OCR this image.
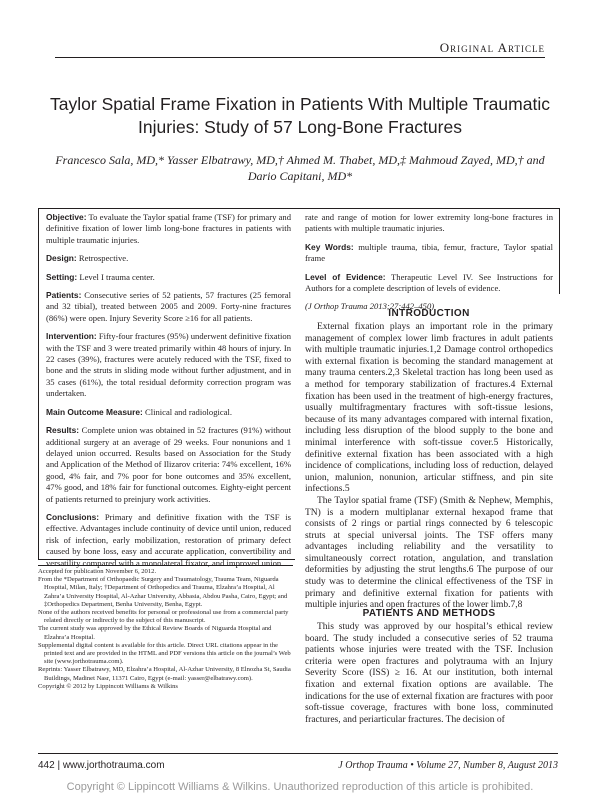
Original Article
Taylor Spatial Frame Fixation in Patients With Multiple Traumatic Injuries: Study of 57 Long-Bone Fractures
Francesco Sala, MD,* Yasser Elbatrawy, MD,† Ahmed M. Thabet, MD,‡ Mahmoud Zayed, MD,† and Dario Capitani, MD*

Objective: To evaluate the Taylor spatial frame (TSF) for primary and definitive fixation of lower limb long-bone fractures in patients with multiple traumatic injuries.

Design: Retrospective.

Setting: Level I trauma center.

Patients: Consecutive series of 52 patients, 57 fractures (25 femoral and 32 tibial), treated between 2005 and 2009. Forty-nine fractures (86%) were open. Injury Severity Score ≥16 for all patients.

Intervention: Fifty-four fractures (95%) underwent definitive fixation with the TSF and 3 were treated primarily within 48 hours of injury. In 22 cases (39%), fractures were acutely reduced with the TSF, fixed to bone and the struts in sliding mode without further adjustment, and in 35 cases (61%), the total residual deformity correction program was undertaken.

Main Outcome Measure: Clinical and radiological.

Results: Complete union was obtained in 52 fractures (91%) without additional surgery at an average of 29 weeks. Four nonunions and 1 delayed union occurred. Results based on Association for the Study and Application of the Method of Ilizarov criteria: 74% excellent, 16% good, 4% fair, and 7% poor for bone outcomes and 35% excellent, 47% good, and 18% fair for functional outcomes. Eighty-eight percent of patients returned to preinjury work activities.

Conclusions: Primary and definitive fixation with the TSF is effective. Advantages include continuity of device until union, reduced risk of infection, early mobilization, restoration of primary defect caused by bone loss, easy and accurate application, convertibility and versatility compared with a monolateral fixator, and improved union

rate and range of motion for lower extremity long-bone fractures in patients with multiple traumatic injuries.

Key Words: multiple trauma, tibia, femur, fracture, Taylor spatial frame

Level of Evidence: Therapeutic Level IV. See Instructions for Authors for a complete description of levels of evidence.

(J Orthop Trauma 2013;27:442–450)

INTRODUCTION

External fixation plays an important role in the primary management of complex lower limb fractures in adult patients with multiple traumatic injuries.1,2 Damage control orthopedics with external fixation is becoming the standard management at many trauma centers.2,3 Skeletal traction has long been used as a method for temporary stabilization of fractures.4 External fixation has been used in the treatment of high-energy fractures, usually multifragmentary fractures with soft-tissue lesions, because of its many advantages compared with internal fixation, including less disruption of the blood supply to the bone and minimal interference with soft-tissue cover.5 Historically, definitive external fixation has been associated with a high incidence of complications, including loss of reduction, delayed union, malunion, nonunion, articular stiffness, and pin site infections.5

The Taylor spatial frame (TSF) (Smith & Nephew, Memphis, TN) is a modern multiplanar external hexapod frame that consists of 2 rings or partial rings connected by 6 telescopic struts at special universal joints. The TSF offers many advantages including reliability and the versatility to simultaneously correct rotation, angulation, and translation deformities by adjusting the strut lengths.6 The purpose of our study was to determine the clinical effectiveness of the TSF in primary and definitive external fixation for patients with multiple injuries and open fractures of the lower limb.7,8

PATIENTS AND METHODS

This study was approved by our hospital’s ethical review board. The study included a consecutive series of 52 trauma patients whose injuries were treated with the TSF. Inclusion criteria were open fractures and polytrauma with an Injury Severity Score (ISS) ≥ 16. At our institution, both internal fixation and external fixation options are available. The indications for the use of external fixation are fractures with poor soft-tissue coverage, fractures with bone loss, comminuted fractures, and periarticular fractures. The decision of

Accepted for publication November 6, 2012.

From the *Department of Orthopaedic Surgery and Traumatology, Trauma Team, Niguarda Hospital, Milan, Italy; †Department of Orthopedics and Trauma, Elzahra’a Hospital, Al Zahra’a University Hospital, Al-Azhar University, Abbasia, Abdou Pasha, Cairo, Egypt; and ‡Orthopedics Department, Benha University, Benha, Egypt.

None of the authors received benefits for personal or professional use from a commercial party related directly or indirectly to the subject of this manuscript.

The current study was approved by the Ethical Review Boards of Niguarda Hospital and Elzahra’a Hospital.

Supplemental digital content is available for this article. Direct URL citations appear in the printed text and are provided in the HTML and PDF versions this article on the journal’s Web site (www.jorthotrauma.com).

Reprints: Yasser Elbatrawy, MD, Elzahra’a Hospital, Al-Azhar University, 8 Elnozha St, Saudia Buildings, Madinet Nasr, 11371 Cairo, Egypt (e-mail: yasser@elbatrawy.com).

Copyright © 2012 by Lippincott Williams & Wilkins

442 | www.jorthotrauma.com	J Orthop Trauma • Volume 27, Number 8, August 2013
Copyright © Lippincott Williams & Wilkins. Unauthorized reproduction of this article is prohibited.
